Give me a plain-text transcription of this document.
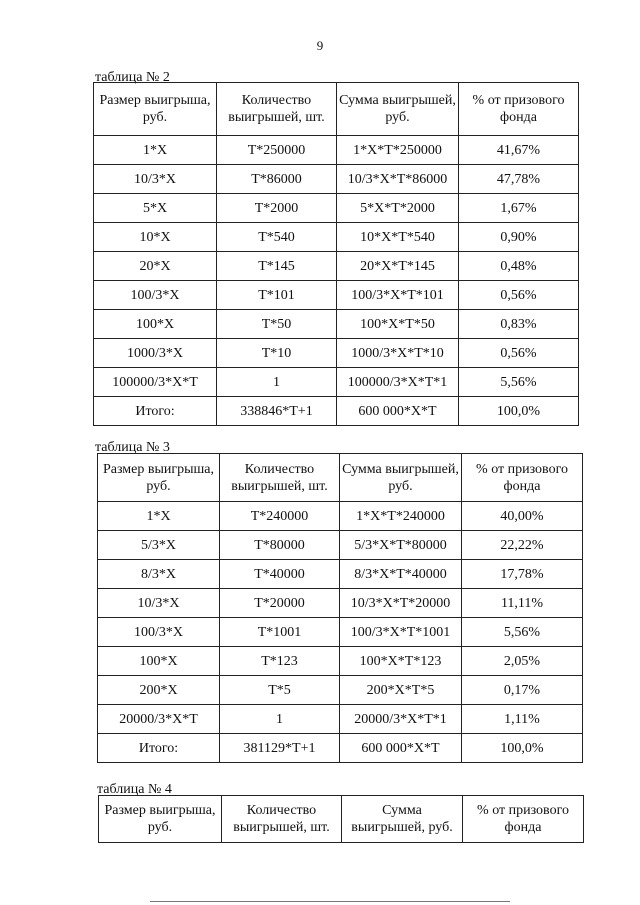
9
таблица № 2
Размер выигрыша, руб.	Количество выигрышей, шт.	Сумма выигрышей, руб.	% от призового фонда
1*Х	Т*250000	1*Х*Т*250000	41,67%
10/3*Х	Т*86000	10/3*Х*Т*86000	47,78%
5*Х	Т*2000	5*Х*Т*2000	1,67%
10*Х	Т*540	10*Х*Т*540	0,90%
20*Х	Т*145	20*Х*Т*145	0,48%
100/3*Х	Т*101	100/3*Х*Т*101	0,56%
100*Х	Т*50	100*Х*Т*50	0,83%
1000/3*Х	Т*10	1000/3*Х*Т*10	0,56%
100000/3*Х*Т	1	100000/3*Х*Т*1	5,56%
Итого:	338846*Т+1	600 000*Х*Т	100,0%
таблица № 3
Размер выигрыша, руб.	Количество выигрышей, шт.	Сумма выигрышей, руб.	% от призового фонда
1*Х	Т*240000	1*Х*Т*240000	40,00%
5/3*Х	Т*80000	5/3*Х*Т*80000	22,22%
8/3*Х	Т*40000	8/3*Х*Т*40000	17,78%
10/3*Х	Т*20000	10/3*Х*Т*20000	11,11%
100/3*Х	Т*1001	100/3*Х*Т*1001	5,56%
100*Х	Т*123	100*Х*Т*123	2,05%
200*Х	Т*5	200*Х*Т*5	0,17%
20000/3*Х*Т	1	20000/3*Х*Т*1	1,11%
Итого:	381129*Т+1	600 000*Х*Т	100,0%
таблица № 4
Размер выигрыша, руб.	Количество выигрышей, шт.	Сумма выигрышей, руб.	% от призового фонда
